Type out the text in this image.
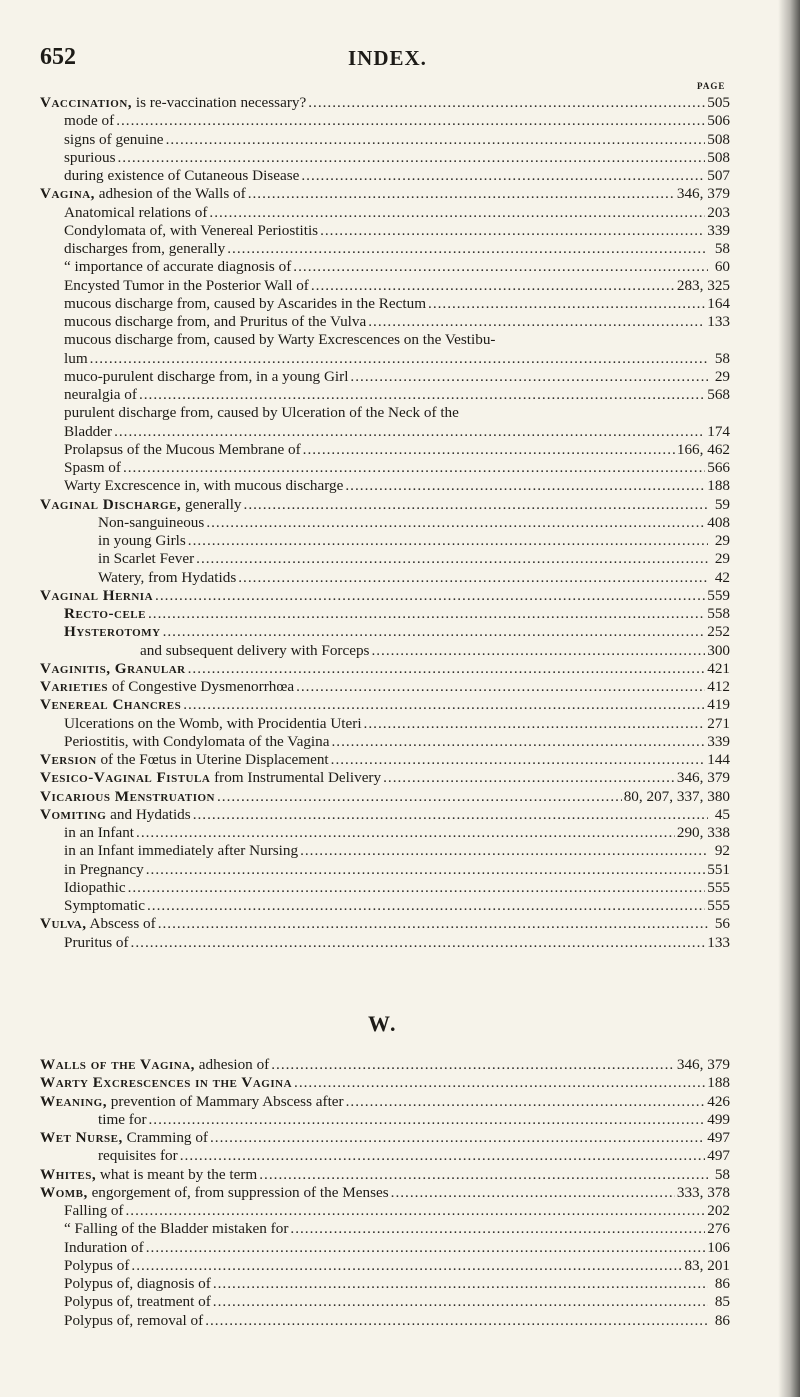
652	INDEX.
PAGE
Vaccination, is re-vaccination necessary? .....	505
mode of .....	506
signs of genuine .....	508
spurious .....	508
during existence of Cutaneous Disease .....	507
Vagina, adhesion of the Walls of .....	346, 379
Anatomical relations of .....	203
Condylomata of, with Venereal Periostitis .....	339
discharges from, generally .....	58
“ importance of accurate diagnosis of .....	60
Encysted Tumor in the Posterior Wall of .....	283, 325
mucous discharge from, caused by Ascarides in the Rectum .....	164
mucous discharge from, and Pruritus of the Vulva .....	133
mucous discharge from, caused by Warty Excrescences on the Vestibu-
lum .....	58
muco-purulent discharge from, in a young Girl .....	29
neuralgia of .....	568
purulent discharge from, caused by Ulceration of the Neck of the
Bladder .....	174
Prolapsus of the Mucous Membrane of .....	166, 462
Spasm of .....	566
Warty Excrescence in, with mucous discharge .....	188
Vaginal Discharge, generally .....	59
Non-sanguineous .....	408
in young Girls .....	29
in Scarlet Fever .....	29
Watery, from Hydatids .....	42
Vaginal Hernia .....	559
Recto-cele .....	558
Hysterotomy .....	252
and subsequent delivery with Forceps .....	300
Vaginitis, Granular .....	421
Varieties of Congestive Dysmenorrhœa .....	412
Venereal Chancres .....	419
Ulcerations on the Womb, with Procidentia Uteri .....	271
Periostitis, with Condylomata of the Vagina .....	339
Version of the Fœtus in Uterine Displacement .....	144
Vesico-Vaginal Fistula from Instrumental Delivery .....	346, 379
Vicarious Menstruation .....	80, 207, 337, 380
Vomiting and Hydatids .....	45
in an Infant .....	290, 338
in an Infant immediately after Nursing .....	92
in Pregnancy .....	551
Idiopathic .....	555
Symptomatic .....	555
Vulva, Abscess of .....	56
Pruritus of .....	133
W.
Walls of the Vagina, adhesion of .....	346, 379
Warty Excrescences in the Vagina .....	188
Weaning, prevention of Mammary Abscess after .....	426
time for .....	499
Wet Nurse, Cramming of .....	497
requisites for .....	497
Whites, what is meant by the term .....	58
Womb, engorgement of, from suppression of the Menses .....	333, 378
Falling of .....	202
“ Falling of the Bladder mistaken for .....	276
Induration of .....	106
Polypus of .....	83, 201
Polypus of, diagnosis of .....	86
Polypus of, treatment of .....	85
Polypus of, removal of .....	86
